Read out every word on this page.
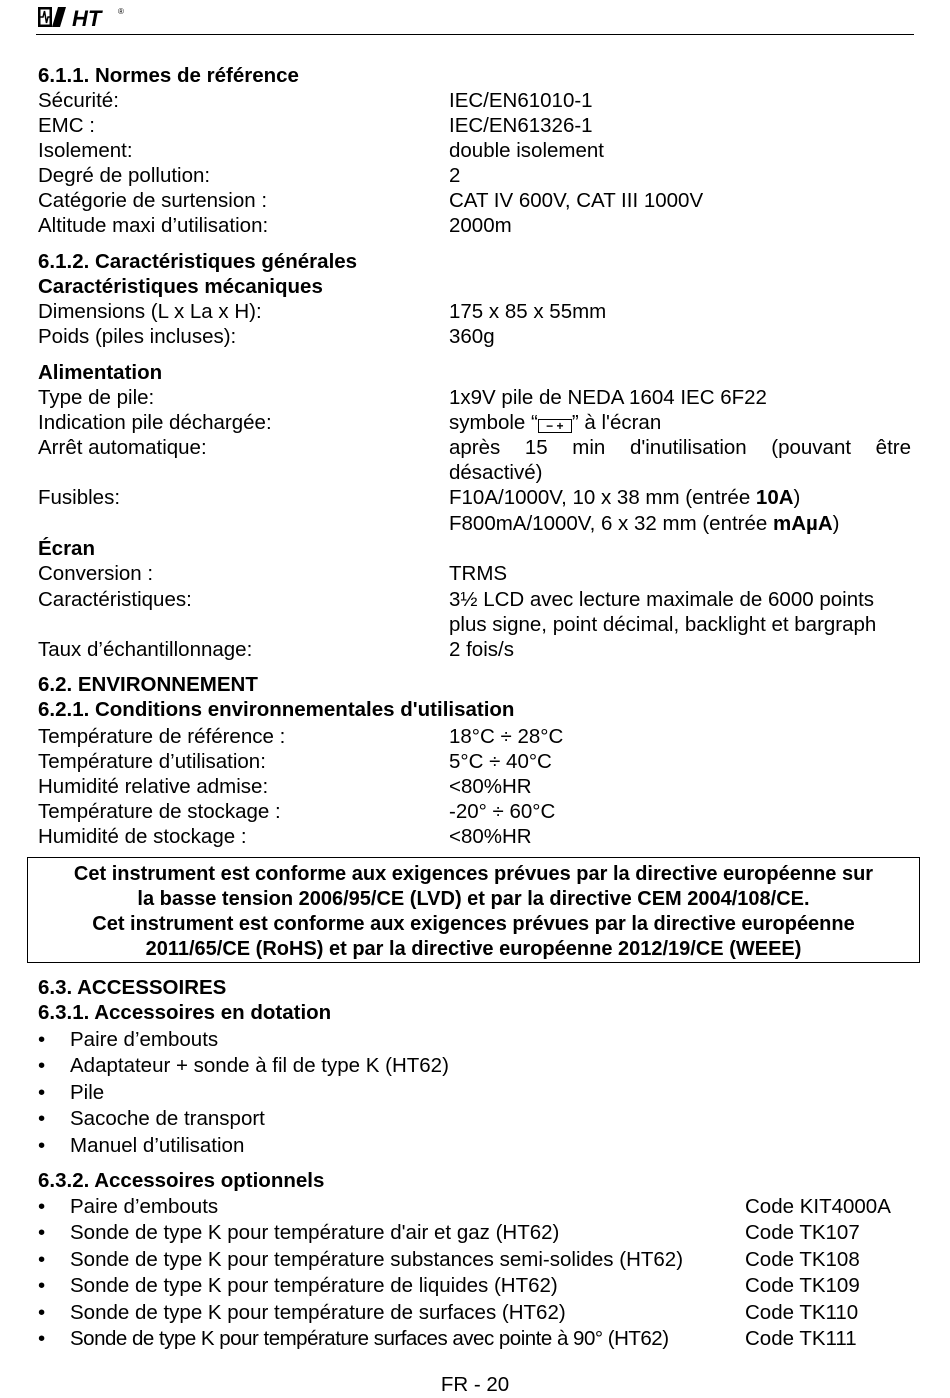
HT ®
6.1.1. Normes de référence
Sécurité:	IEC/EN61010-1
EMC :	IEC/EN61326-1
Isolement:	double isolement
Degré de pollution:	2
Catégorie de surtension :	CAT IV 600V, CAT III 1000V
Altitude maxi d’utilisation:	2000m
6.1.2. Caractéristiques générales
Caractéristiques mécaniques
Dimensions (L x La x H):	175 x 85 x 55mm
Poids (piles incluses):	360g
Alimentation
Type de pile:	1x9V pile de NEDA 1604 IEC 6F22
Indication pile déchargée:	symbole “ − + ” à l'écran
Arrêt automatique:	après 15 min d'inutilisation (pouvant être
désactivé)
Fusibles:	F10A/1000V, 10 x 38 mm (entrée 10A)
F800mA/1000V, 6 x 32 mm (entrée mAµA)
Écran
Conversion :	TRMS
Caractéristiques:	3½ LCD avec lecture maximale de 6000 points
plus signe, point décimal, backlight et bargraph
Taux d’échantillonnage:	2 fois/s
6.2. ENVIRONNEMENT
6.2.1. Conditions environnementales d'utilisation
Température de référence :	18°C ÷ 28°C
Température d’utilisation:	5°C ÷ 40°C
Humidité relative admise:	<80%HR
Température de stockage :	-20° ÷ 60°C
Humidité de stockage :	<80%HR
Cet instrument est conforme aux exigences prévues par la directive européenne sur
la basse tension 2006/95/CE (LVD) et par la directive CEM 2004/108/CE.
Cet instrument est conforme aux exigences prévues par la directive européenne
2011/65/CE (RoHS) et par la directive européenne 2012/19/CE (WEEE)
6.3. ACCESSOIRES
6.3.1. Accessoires en dotation
• Paire d’embouts
• Adaptateur + sonde à fil de type K (HT62)
• Pile
• Sacoche de transport
• Manuel d’utilisation
6.3.2. Accessoires optionnels
• Paire d’embouts	Code KIT4000A
• Sonde de type K pour température d'air et gaz (HT62)	Code TK107
• Sonde de type K pour température substances semi-solides (HT62)	Code TK108
• Sonde de type K pour température de liquides (HT62)	Code TK109
• Sonde de type K pour température de surfaces (HT62)	Code TK110
• Sonde de type K pour température surfaces avec pointe à 90° (HT62)	Code TK111
FR - 20
